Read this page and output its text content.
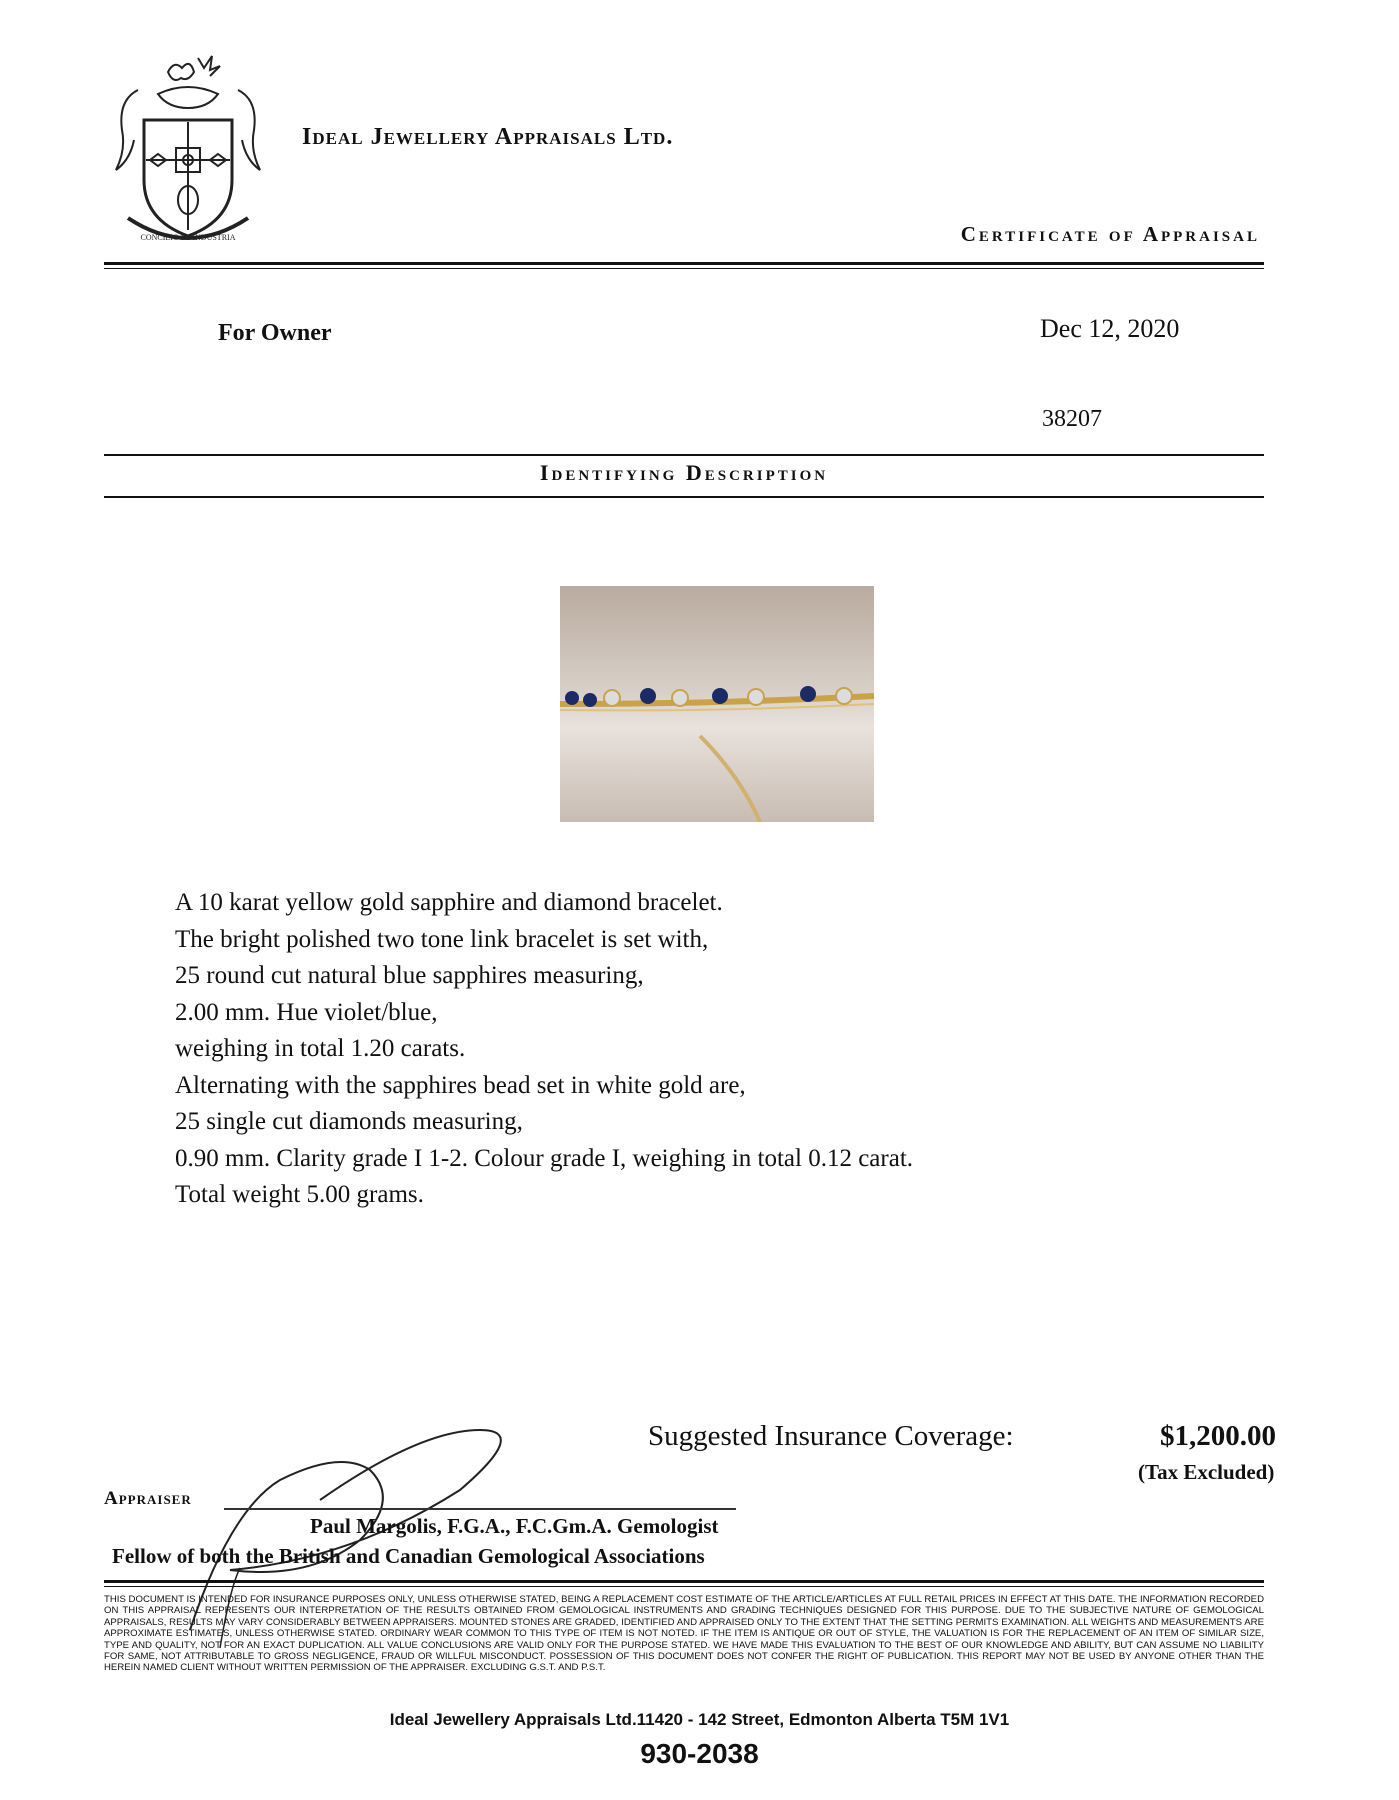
CONCILIO ET INDUSTRIA
Ideal Jewellery Appraisals Ltd.
Certificate of Appraisal
For Owner	Dec 12, 2020
38207
Identifying Description
A 10 karat yellow gold sapphire and diamond bracelet.
The bright polished two tone link bracelet is set with,
25 round cut natural blue sapphires measuring,
2.00 mm. Hue violet/blue,
weighing in total 1.20 carats.
Alternating with the sapphires bead set in white gold are,
25 single cut diamonds measuring,
0.90 mm. Clarity grade I 1-2. Colour grade I, weighing in total 0.12 carat.
Total weight 5.00 grams.
Appraiser
Paul Margolis, F.G.A., F.C.Gm.A. Gemologist
Fellow of both the British and Canadian Gemological Associations
Suggested Insurance Coverage:	$1,200.00
(Tax Excluded)
THIS DOCUMENT IS INTENDED FOR INSURANCE PURPOSES ONLY, UNLESS OTHERWISE STATED, BEING A REPLACEMENT COST ESTIMATE OF THE ARTICLE/ARTICLES AT FULL RETAIL PRICES IN EFFECT AT THIS DATE. THE INFORMATION RECORDED ON THIS APPRAISAL REPRESENTS OUR INTERPRETATION OF THE RESULTS OBTAINED FROM GEMOLOGICAL INSTRUMENTS AND GRADING TECHNIQUES DESIGNED FOR THIS PURPOSE. DUE TO THE SUBJECTIVE NATURE OF GEMOLOGICAL APPRAISALS, RESULTS MAY VARY CONSIDERABLY BETWEEN APPRAISERS. MOUNTED STONES ARE GRADED, IDENTIFIED AND APPRAISED ONLY TO THE EXTENT THAT THE SETTING PERMITS EXAMINATION. ALL WEIGHTS AND MEASUREMENTS ARE APPROXIMATE ESTIMATES, UNLESS OTHERWISE STATED. ORDINARY WEAR COMMON TO THIS TYPE OF ITEM IS NOT NOTED. IF THE ITEM IS ANTIQUE OR OUT OF STYLE, THE VALUATION IS FOR THE REPLACEMENT OF AN ITEM OF SIMILAR SIZE, TYPE AND QUALITY, NOT FOR AN EXACT DUPLICATION. ALL VALUE CONCLUSIONS ARE VALID ONLY FOR THE PURPOSE STATED. WE HAVE MADE THIS EVALUATION TO THE BEST OF OUR KNOWLEDGE AND ABILITY, BUT CAN ASSUME NO LIABILITY FOR SAME, NOT ATTRIBUTABLE TO GROSS NEGLIGENCE, FRAUD OR WILLFUL MISCONDUCT. POSSESSION OF THIS DOCUMENT DOES NOT CONFER THE RIGHT OF PUBLICATION. THIS REPORT MAY NOT BE USED BY ANYONE OTHER THAN THE HEREIN NAMED CLIENT WITHOUT WRITTEN PERMISSION OF THE APPRAISER. EXCLUDING G.S.T. AND P.S.T.
Ideal Jewellery Appraisals Ltd.11420 - 142 Street, Edmonton Alberta T5M 1V1
930-2038
